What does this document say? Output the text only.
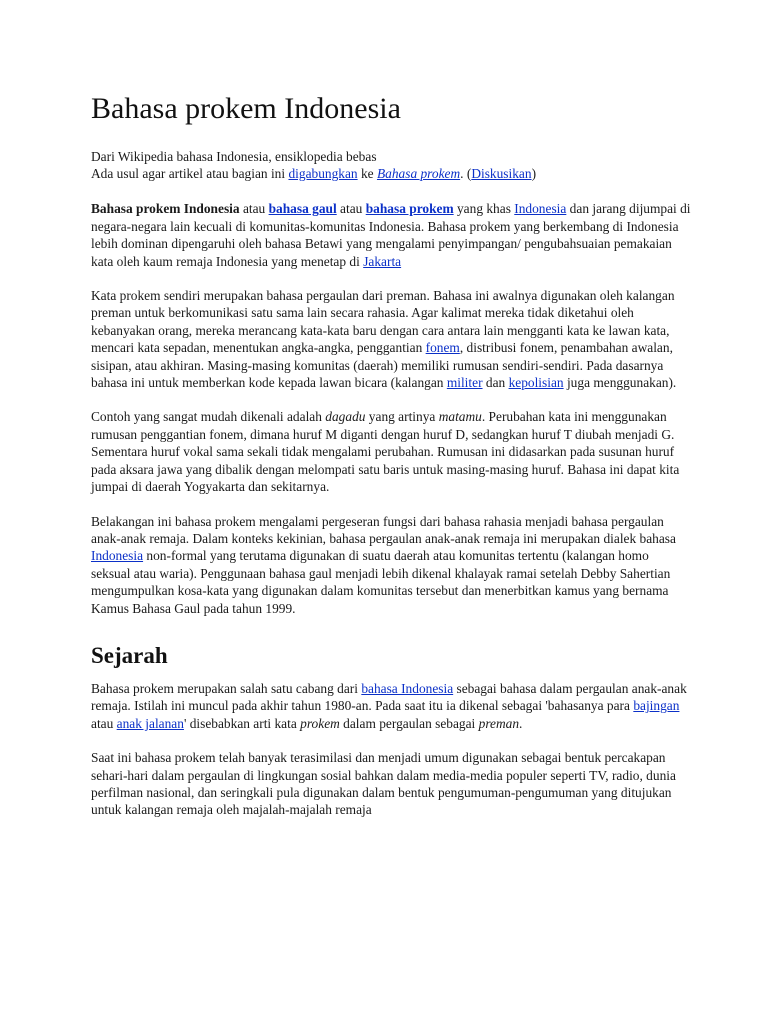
Bahasa prokem Indonesia
Dari Wikipedia bahasa Indonesia, ensiklopedia bebas

Ada usul agar artikel atau bagian ini digabungkan ke Bahasa prokem. (Diskusikan)

Bahasa prokem Indonesia atau bahasa gaul atau bahasa prokem yang khas Indonesia dan jarang dijumpai di negara-negara lain kecuali di komunitas-komunitas Indonesia. Bahasa prokem yang berkembang di Indonesia lebih dominan dipengaruhi oleh bahasa Betawi yang mengalami penyimpangan/ pengubahsuaian pemakaian kata oleh kaum remaja Indonesia yang menetap di Jakarta

Kata prokem sendiri merupakan bahasa pergaulan dari preman. Bahasa ini awalnya digunakan oleh kalangan preman untuk berkomunikasi satu sama lain secara rahasia. Agar kalimat mereka tidak diketahui oleh kebanyakan orang, mereka merancang kata-kata baru dengan cara antara lain mengganti kata ke lawan kata, mencari kata sepadan, menentukan angka-angka, penggantian fonem, distribusi fonem, penambahan awalan, sisipan, atau akhiran. Masing-masing komunitas (daerah) memiliki rumusan sendiri-sendiri. Pada dasarnya bahasa ini untuk memberkan kode kepada lawan bicara (kalangan militer dan kepolisian juga menggunakan).

Contoh yang sangat mudah dikenali adalah dagadu yang artinya matamu. Perubahan kata ini menggunakan rumusan penggantian fonem, dimana huruf M diganti dengan huruf D, sedangkan huruf T diubah menjadi G. Sementara huruf vokal sama sekali tidak mengalami perubahan. Rumusan ini didasarkan pada susunan huruf pada aksara jawa yang dibalik dengan melompati satu baris untuk masing-masing huruf. Bahasa ini dapat kita jumpai di daerah Yogyakarta dan sekitarnya.

Belakangan ini bahasa prokem mengalami pergeseran fungsi dari bahasa rahasia menjadi bahasa pergaulan anak-anak remaja. Dalam konteks kekinian, bahasa pergaulan anak-anak remaja ini merupakan dialek bahasa Indonesia non-formal yang terutama digunakan di suatu daerah atau komunitas tertentu (kalangan homo seksual atau waria). Penggunaan bahasa gaul menjadi lebih dikenal khalayak ramai setelah Debby Sahertian mengumpulkan kosa-kata yang digunakan dalam komunitas tersebut dan menerbitkan kamus yang bernama Kamus Bahasa Gaul pada tahun 1999.

Sejarah

Bahasa prokem merupakan salah satu cabang dari bahasa Indonesia sebagai bahasa dalam pergaulan anak-anak remaja. Istilah ini muncul pada akhir tahun 1980-an. Pada saat itu ia dikenal sebagai 'bahasanya para bajingan atau anak jalanan' disebabkan arti kata prokem dalam pergaulan sebagai preman.

Saat ini bahasa prokem telah banyak terasimilasi dan menjadi umum digunakan sebagai bentuk percakapan sehari-hari dalam pergaulan di lingkungan sosial bahkan dalam media-media populer seperti TV, radio, dunia perfilman nasional, dan seringkali pula digunakan dalam bentuk pengumuman-pengumuman yang ditujukan untuk kalangan remaja oleh majalah-majalah remaja
